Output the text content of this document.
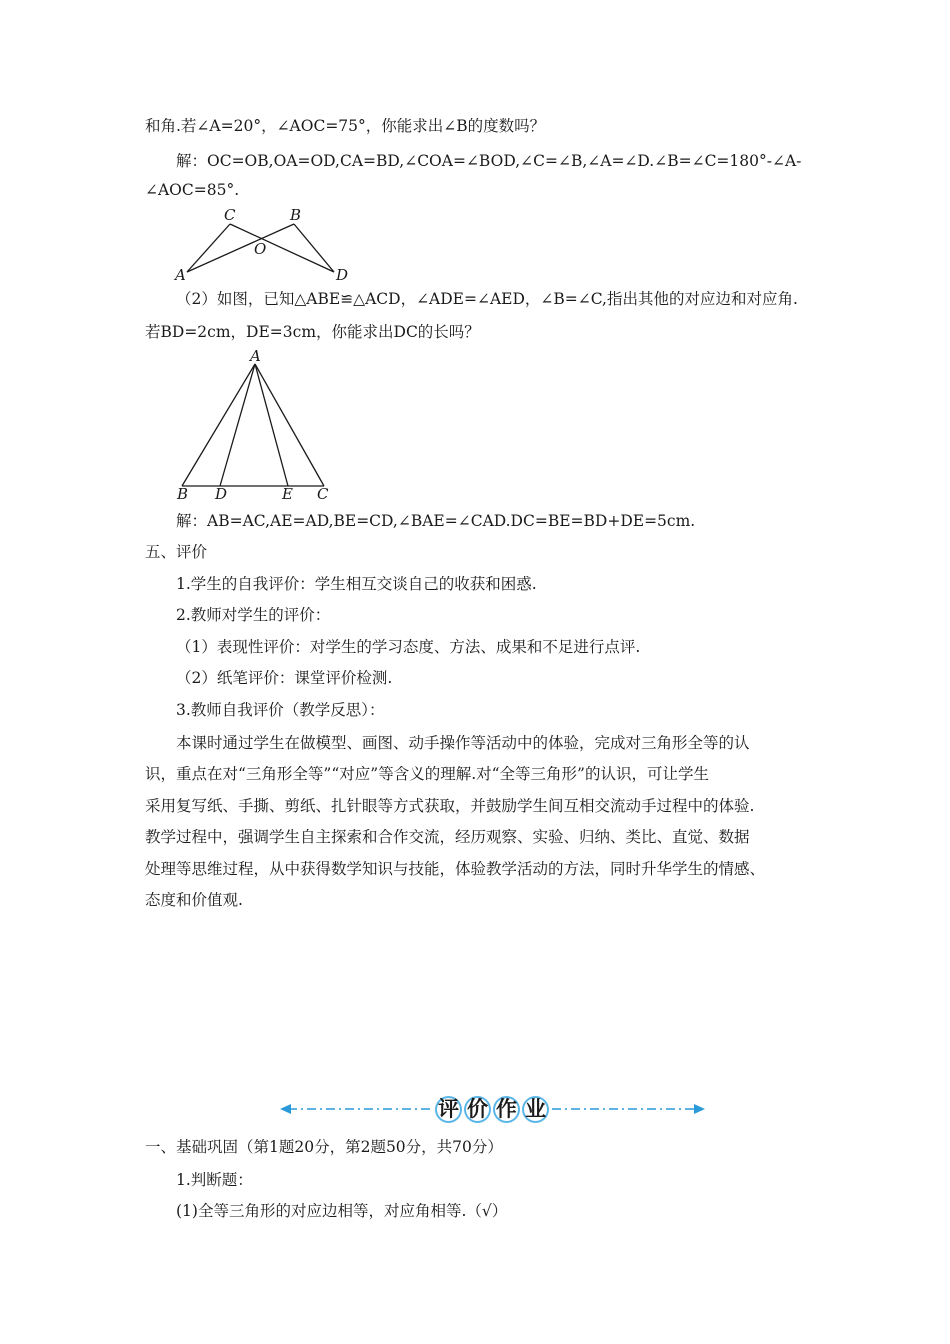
和角.若∠A=20°，∠AOC=75°，你能求出∠B的度数吗？
解：OC=OB,OA=OD,CA=BD,∠COA=∠BOD,∠C=∠B,∠A=∠D.∠B=∠C=180°-∠A-
∠AOC=85°.
C	B
O
A	D
（2）如图，已知△ABE≌△ACD，∠ADE=∠AED，∠B=∠C,指出其他的对应边和对应角.
若BD=2cm，DE=3cm，你能求出DC的长吗？
A
B D	E C
解：AB=AC,AE=AD,BE=CD,∠BAE=∠CAD.DC=BE=BD+DE=5cm.
五、评价
1.学生的自我评价：学生相互交谈自己的收获和困惑.
2.教师对学生的评价：
（1）表现性评价：对学生的学习态度、方法、成果和不足进行点评.
（2）纸笔评价：课堂评价检测.
3.教师自我评价（教学反思）：
本课时通过学生在做模型、画图、动手操作等活动中的体验，完成对三角形全等的认
识，重点在对“三角形全等”“对应”等含义的理解.对“全等三角形”的认识，可让学生
采用复写纸、手撕、剪纸、扎针眼等方式获取，并鼓励学生间互相交流动手过程中的体验.
教学过程中，强调学生自主探索和合作交流，经历观察、实验、归纳、类比、直觉、数据
处理等思维过程，从中获得数学知识与技能，体验教学活动的方法，同时升华学生的情感、
态度和价值观.
评 价 作 业
一、基础巩固（第1题20分，第2题50分，共70分）
1.判断题：
(1)全等三角形的对应边相等，对应角相等.（√）
